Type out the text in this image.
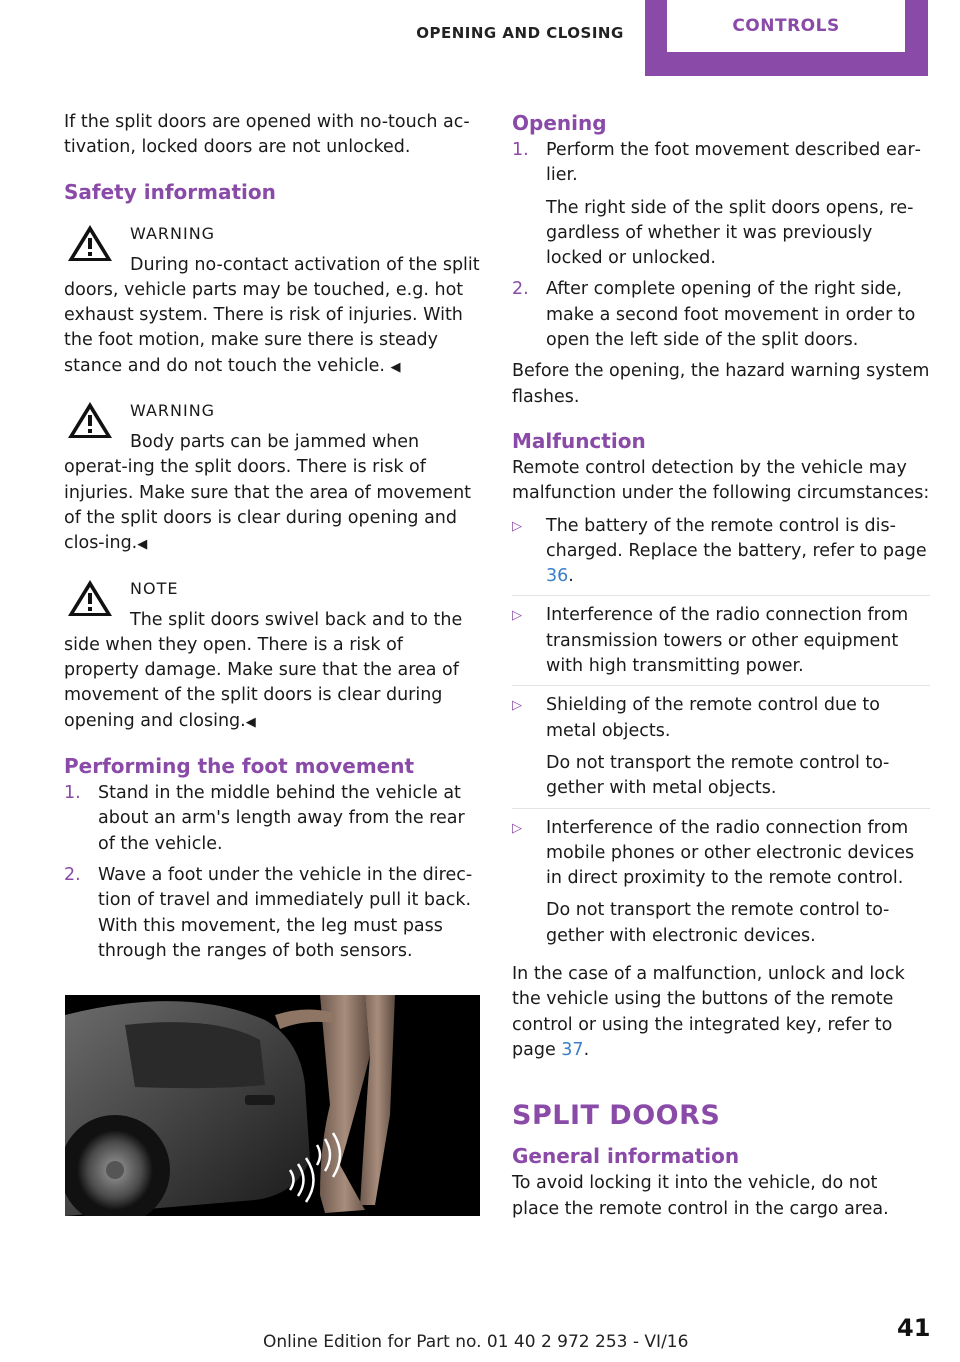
OPENING AND CLOSING	CONTROLS

If the split doors are opened with no-touch ac‐tivation, locked doors are not unlocked.

Safety information
WARNING
During no-contact activation of the split doors, vehicle parts may be touched, e.g. hot exhaust system. There is risk of injuries. With the foot motion, make sure there is steady stance and do not touch the vehicle. ◀
WARNING
Body parts can be jammed when operat‐ing the split doors. There is risk of injuries. Make sure that the area of movement of the split doors is clear during opening and clos‐ing.◀
NOTE
The split doors swivel back and to the side when they open. There is a risk of property damage. Make sure that the area of movement of the split doors is clear during opening and closing.◀
Performing the foot movement
1. Stand in the middle behind the vehicle at about an arm's length away from the rear of the vehicle.
2. Wave a foot under the vehicle in the direc‐tion of travel and immediately pull it back. With this movement, the leg must pass through the ranges of both sensors.
Opening
1. Perform the foot movement described ear‐lier.
The right side of the split doors opens, re‐gardless of whether it was previously locked or unlocked.
2. After complete opening of the right side, make a second foot movement in order to open the left side of the split doors.

Before the opening, the hazard warning system flashes.

Malfunction

Remote control detection by the vehicle may malfunction under the following circumstances:

▷ The battery of the remote control is dis‐charged. Replace the battery, refer to page 36.
▷ Interference of the radio connection from transmission towers or other equipment with high transmitting power.
▷ Shielding of the remote control due to metal objects.
Do not transport the remote control to‐gether with metal objects.
▷ Interference of the radio connection from mobile phones or other electronic devices in direct proximity to the remote control.
Do not transport the remote control to‐gether with electronic devices.

In the case of a malfunction, unlock and lock the vehicle using the buttons of the remote control or using the integrated key, refer to page 37.

SPLIT DOORS
General information

To avoid locking it into the vehicle, do not place the remote control in the cargo area.

Online Edition for Part no. 01 40 2 972 253 - VI/16	41
